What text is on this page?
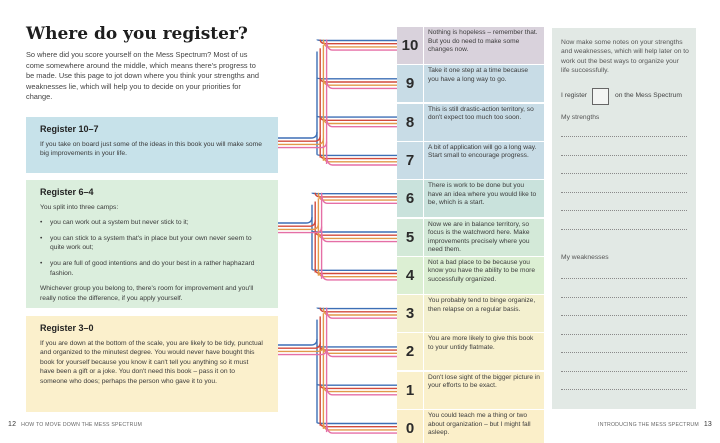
Where do you register?
So where did you score yourself on the Mess Spectrum? Most of us come somewhere around the middle, which means there's progress to be made. Use this page to jot down where you think your strengths and weaknesses lie, which will help you to decide on your priorities for change.
Register 10–7

If you take on board just some of the ideas in this book you will make some big improvements in your life.

Register 6–4

You split into three camps:

• you can work out a system but never stick to it;
• you can stick to a system that's in place but your own never seem to quite work out;
• you are full of good intentions and do your best in a rather haphazard fashion.

Whichever group you belong to, there's room for improvement and you'll really notice the difference, if you apply yourself.

Register 3–0

If you are down at the bottom of the scale, you are likely to be tidy, punctual and organized to the minutest degree. You would never have bought this book for yourself because you know it can't tell you anything so it must have been a gift or a joke. You don't need this book – pass it on to someone who does; perhaps the person who gave it to you.

10
Nothing is hopeless – remember that. But you do need to make some changes now.
9
Take it one step at a time because you have a long way to go.
8
This is still drastic-action territory, so don't expect too much too soon.
7
A bit of application will go a long way. Start small to encourage progress.
6
There is work to be done but you have an idea where you would like to be, which is a start.
5
Now we are in balance territory, so focus is the watchword here. Make improvements precisely where you need them.
4
Not a bad place to be because you know you have the ability to be more successfully organized.
3
You probably tend to binge organize, then relapse on a regular basis.
2
You are more likely to give this book to your untidy flatmate.
1
Don't lose sight of the bigger picture in your efforts to be exact.
0
You could teach me a thing or two about organization – but I might fall asleep.
Now make some notes on your strengths and weaknesses, which will help later on to work out the best ways to organize your life successfully.
I register	on the Mess Spectrum
My strengths
My weaknesses
12 HOW TO MOVE DOWN THE MESS SPECTRUM	INTRODUCING THE MESS SPECTRUM 13
